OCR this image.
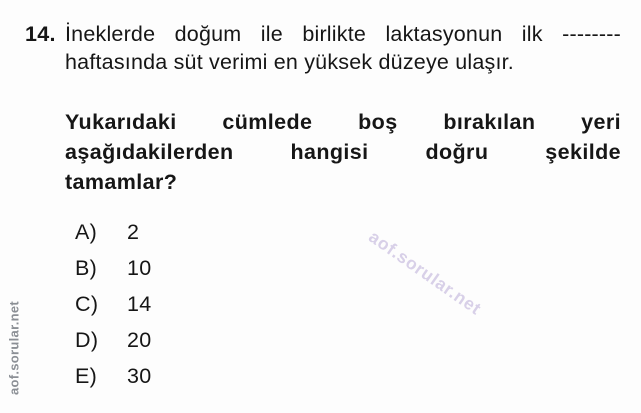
aof.sorular.net
aof.sorular.net
14. İneklerde doğum ile birlikte laktasyonun ilk --------
haftasında süt verimi en yüksek düzeye ulaşır.
Yukarıdaki cümlede boş bırakılan yeri
aşağıdakilerden hangisi doğru şekilde
tamamlar?
A)	2
B)	10
C)	14
D)	20
E)	30
